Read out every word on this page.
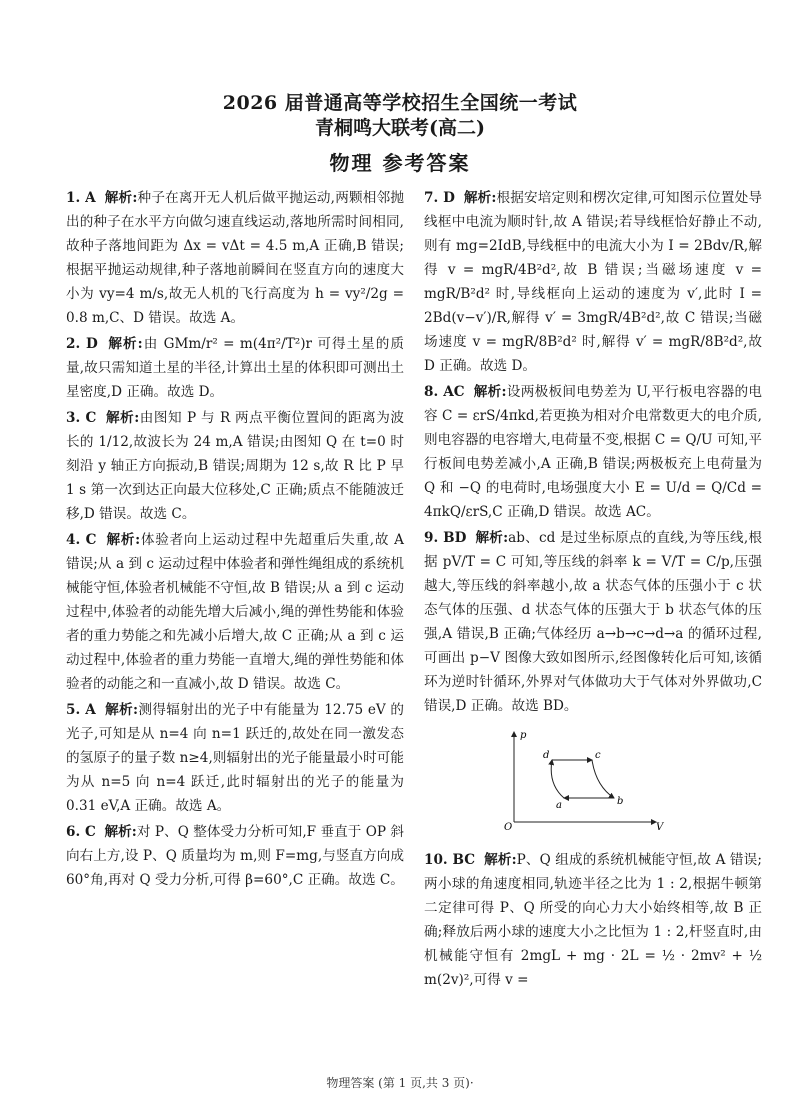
2026 届普通高等学校招生全国统一考试
青桐鸣大联考(高二)
物理 参考答案
1. A 解析:种子在离开无人机后做平抛运动,两颗相邻抛出的种子在水平方向做匀速直线运动,落地所需时间相同,故种子落地间距为 Δx = vΔt = 4.5 m,A 正确,B 错误;根据平抛运动规律,种子落地前瞬间在竖直方向的速度大小为 vy=4 m/s,故无人机的飞行高度为 h = vy²/2g = 0.8 m,C、D 错误。故选 A。
2. D 解析:由 GMm/r² = m(4π²/T²)r 可得土星的质量,故只需知道土星的半径,计算出土星的体积即可测出土星密度,D 正确。故选 D。
3. C 解析:由图知 P 与 R 两点平衡位置间的距离为波长的 1/12,故波长为 24 m,A 错误;由图知 Q 在 t=0 时刻沿 y 轴正方向振动,B 错误;周期为 12 s,故 R 比 P 早 1 s 第一次到达正向最大位移处,C 正确;质点不能随波迁移,D 错误。故选 C。
4. C 解析:体验者向上运动过程中先超重后失重,故 A 错误;从 a 到 c 运动过程中体验者和弹性绳组成的系统机械能守恒,体验者机械能不守恒,故 B 错误;从 a 到 c 运动过程中,体验者的动能先增大后减小,绳的弹性势能和体验者的重力势能之和先减小后增大,故 C 正确;从 a 到 c 运动过程中,体验者的重力势能一直增大,绳的弹性势能和体验者的动能之和一直减小,故 D 错误。故选 C。
5. A 解析:测得辐射出的光子中有能量为 12.75 eV 的光子,可知是从 n=4 向 n=1 跃迁的,故处在同一激发态的氢原子的量子数 n≥4,则辐射出的光子能量最小时可能为从 n=5 向 n=4 跃迁,此时辐射出的光子的能量为 0.31 eV,A 正确。故选 A。
6. C 解析:对 P、Q 整体受力分析可知,F 垂直于 OP 斜向右上方,设 P、Q 质量均为 m,则 F=mg,与竖直方向成 60°角,再对 Q 受力分析,可得 β=60°,C 正确。故选 C。
7. D 解析:根据安培定则和楞次定律,可知图示位置处导线框中电流为顺时针,故 A 错误;若导线框恰好静止不动,则有 mg=2IdB,导线框中的电流大小为 I = 2Bdv/R,解得 v = mgR/4B²d²,故 B 错误;当磁场速度 v = mgR/B²d² 时,导线框向上运动的速度为 v′,此时 I = 2Bd(v−v′)/R,解得 v′ = 3mgR/4B²d²,故 C 错误;当磁场速度 v = mgR/8B²d² 时,解得 v′ = mgR/8B²d²,故 D 正确。故选 D。
8. AC 解析:设两极板间电势差为 U,平行板电容器的电容 C = εrS/4πkd,若更换为相对介电常数更大的电介质,则电容器的电容增大,电荷量不变,根据 C = Q/U 可知,平行板间电势差减小,A 正确,B 错误;两极板充上电荷量为 Q 和 −Q 的电荷时,电场强度大小 E = U/d = Q/Cd = 4πkQ/εrS,C 正确,D 错误。故选 AC。
9. BD 解析:ab、cd 是过坐标原点的直线,为等压线,根据 pV/T = C 可知,等压线的斜率 k = V/T = C/p,压强越大,等压线的斜率越小,故 a 状态气体的压强小于 c 状态气体的压强、d 状态气体的压强大于 b 状态气体的压强,A 错误,B 正确;气体经历 a→b→c→d→a 的循环过程,可画出 p−V 图像大致如图所示,经图像转化后可知,该循环为逆时针循环,外界对气体做功大于气体对外界做功,C 错误,D 正确。故选 BD。
O	V
p
d	c
b
a
10. BC 解析:P、Q 组成的系统机械能守恒,故 A 错误;两小球的角速度相同,轨迹半径之比为 1 : 2,根据牛顿第二定律可得 P、Q 所受的向心力大小始终相等,故 B 正确;释放后两小球的速度大小之比恒为 1 : 2,杆竖直时,由机械能守恒有 2mgL + mg · 2L = ½ · 2mv² + ½ m(2v)²,可得 v =
物理答案 (第 1 页,共 3 页)·
